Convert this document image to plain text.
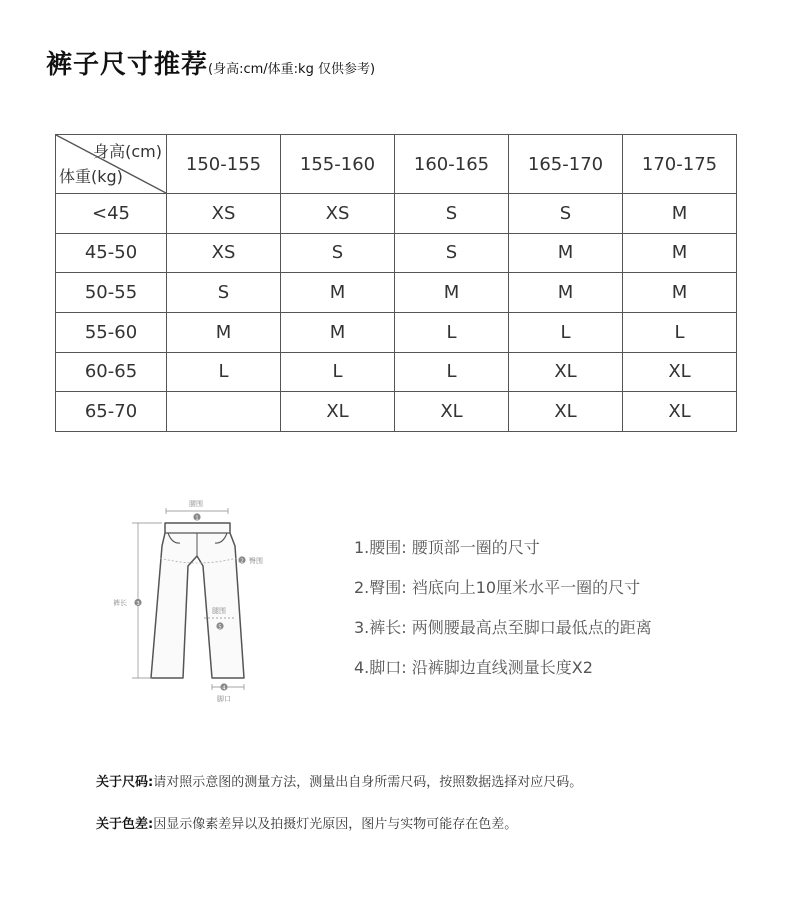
裤子尺寸推荐(身高:cm/体重:kg 仅供参考)
身高(cm)
体重(kg)	150-155	155-160	160-165	165-170	170-175
<45	XS	XS	S	S	M
45-50	XS	S	S	M	M
50-55	S	M	M	M	M
55-60	M	M	L	L	L
60-65	L	L	L	XL	XL
65-70		XL	XL	XL	XL
腰围
1
2 臀围
裤长 3
腿围
5
4
脚口
1.腰围: 腰顶部一圈的尺寸
2.臀围: 裆底向上10厘米水平一圈的尺寸
3.裤长: 两侧腰最高点至脚口最低点的距离
4.脚口: 沿裤脚边直线测量长度X2
关于尺码:请对照示意图的测量方法，测量出自身所需尺码，按照数据选择对应尺码。
关于色差:因显示像素差异以及拍摄灯光原因，图片与实物可能存在色差。
